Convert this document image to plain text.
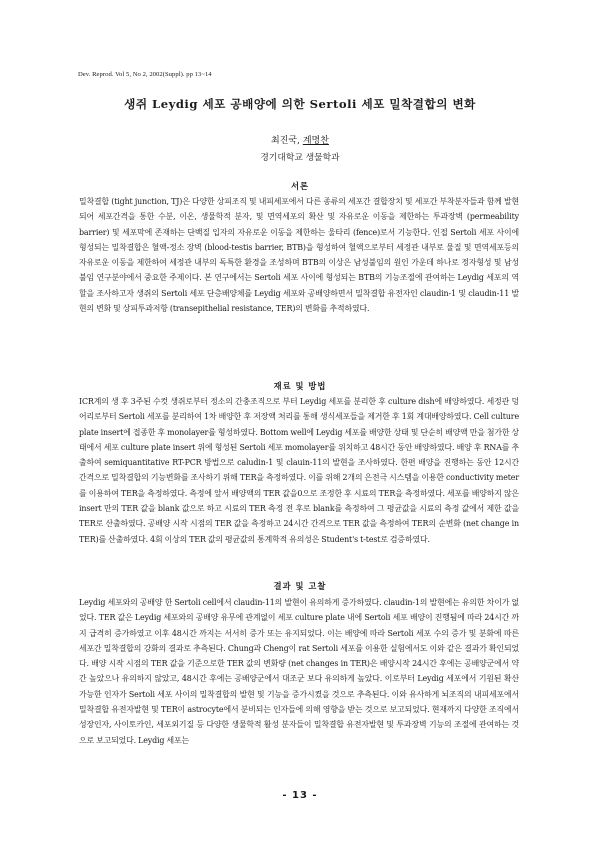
Dev. Reprod. Vol 5, No 2, 2002(Suppl). pp 13~14
생쥐 Leydig 세포 공배양에 의한 Sertoli 세포 밀착결합의 변화
최진국, 계명찬
경기대학교 생물학과
서론
밀착결합 (tight junction, TJ)은 다양한 상피조직 및 내피세포에서 다른 종류의 세포간 결합장치 및 세포간 부착분자들과 함께 발현되어 세포간격을 통한 수분, 이온, 생물학적 분자, 및 면역세포의 확산 및 자유로운 이동을 제한하는 투과장벽 (permeability barrier) 및 세포막에 존재하는 단백질 입자의 자유로운 이동을 제한하는 울타리 (fence)로서 기능한다. 인접 Sertoli 세포 사이에 형성되는 밀착결합은 혈액-정소 장벽 (blood-testis barrier, BTB)을 형성하여 혈액으로부터 세정관 내부로 물질 및 면역세포등의 자유로운 이동을 제한하여 세정관 내부의 독특한 환경을 조성하며 BTB의 이상은 남성불임의 원인 가운데 하나로 정자형성 및 남성불임 연구분야에서 중요한 주제이다. 본 연구에서는 Sertoli 세포 사이에 형성되는 BTB의 기능조절에 관여하는 Leydig 세포의 역할을 조사하고자 생쥐의 Sertoli 세포 단층배양체를 Leydig 세포와 공배양하면서 밀착결합 유전자인 claudin-1 및 claudin-11 발현의 변화 및 상피투과저항 (transepithelial resistance, TER)의 변화를 추적하였다.
재료 및 방법
ICR계의 생 후 3주된 수컷 생쥐로부터 정소의 간충조직으로 부터 Leydig 세포를 분리한 후 culture dish에 배양하였다. 세정관 덩어리로부터 Sertoli 세포를 분리하여 1차 배양한 후 저장액 처리를 통해 생식세포들을 제거한 후 1회 계대배양하였다. Cell culture plate insert에 접종한 후 monolayer를 형성하였다. Bottom well에 Leydig 세포를 배양한 상태 및 단순히 배양액 만을 첨가한 상태에서 세포 culture plate insert 위에 형성된 Sertoli 세포 momolayer를 위치하고 48시간 동안 배양하였다. 배양 후 RNA를 추출하여 semiquantitative RT-PCR 방법으로 caludin-1 및 clauin-11의 발현을 조사하였다. 한편 배양을 진행하는 동안 12시간 간격으로 밀착결합의 기능변화를 조사하기 위해 TER을 측정하였다. 이를 위해 2개의 은전극 시스템을 이용한 conductivity meter를 이용하여 TER을 측정하였다. 측정에 앞서 배양액의 TER 값을0으로 조정한 후 시료의 TER을 측정하였다. 세포를 배양하지 않은 insert 만의 TER 값을 blank 값으로 하고 시료의 TER 측정 전 후로 blank를 측정하여 그 평균값을 시료의 측정 값에서 제한 값을 TER로 산출하였다. 공배양 시작 시점의 TER 값을 측정하고 24시간 간격으로 TER 값을 측정하여 TER의 순변화 (net change in TER)를 산출하였다. 4회 이상의 TER 값의 평균값의 통계학적 유의성은 Student's t-test로 검증하였다.
결과 및 고찰
Leydig 세포와의 공배양 한 Sertoli cell에서 claudin-11의 발현이 유의하게 증가하였다. claudin-1의 발현에는 유의한 차이가 없었다. TER 값은 Leydig 세포와의 공배양 유무에 관계없이 세포 culture plate 내에 Sertoli 세포 배양이 진행됨에 따라 24시간 까지 급격히 증가하였고 이후 48시간 까지는 서서히 증가 또는 유지되었다. 이는 배양에 따라 Sertoli 세포 수의 증가 및 분화에 따른 세포간 밀착결합의 강화의 결과로 추측된다. Chung과 Cheng이 rat Sertoli 세포를 이용한 실험에서도 이와 같은 결과가 확인되었다. 배양 시작 시점의 TER 값을 기준으로한 TER 값의 변화량 (net changes in TER)은 배양시작 24시간 후에는 공배양군에서 약간 높았으나 유의하지 않았고, 48시간 후에는 공배양군에서 대조군 보다 유의하게 높았다. 이로부터 Leydig 세포에서 기원된 확산 가능한 인자가 Sertoli 세포 사이의 밀착결합의 발현 및 기능을 증가시켰을 것으로 추측된다. 이와 유사하게 뇌조직의 내피세포에서 밀착결합 유전자발현 및 TER이 astrocyte에서 분비되는 인자들에 의해 영향을 받는 것으로 보고되었다. 현재까지 다양한 조직에서 성장인자, 사이토카인, 세포외기질 등 다양한 생물학적 활성 분자들이 밀착결합 유전자발현 및 투과장벽 기능의 조절에 관여하는 것으로 보고되었다. Leydig 세포는
- 13 -
